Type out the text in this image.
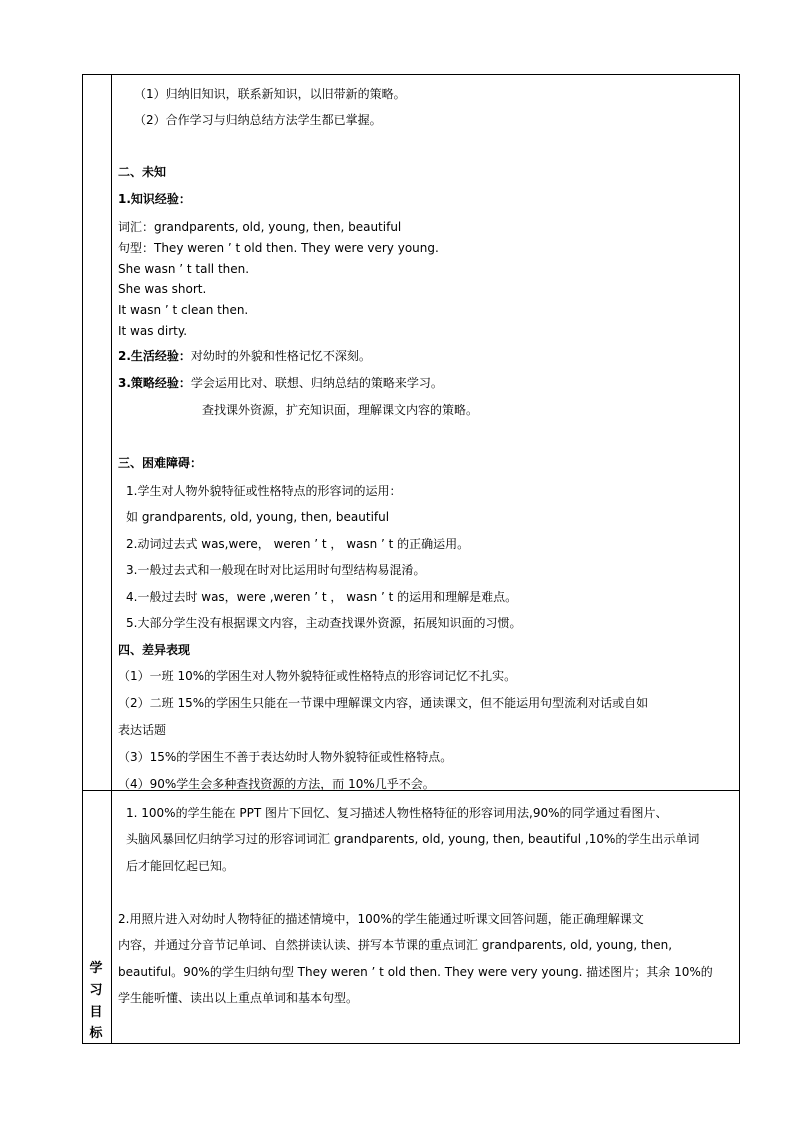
（1）归纳旧知识，联系新知识，以旧带新的策略。
（2）合作学习与归纳总结方法学生都已掌握。
二、未知
1.知识经验：
词汇：grandparents, old, young, then, beautiful
句型：They weren ’ t old then. They were very young.
She wasn ’ t tall then.
She was short.
It wasn ’ t clean then.
It was dirty.
2.生活经验：对幼时的外貌和性格记忆不深刻。
3.策略经验：学会运用比对、联想、归纳总结的策略来学习。
查找课外资源，扩充知识面，理解课文内容的策略。
三、困难障碍：
1.学生对人物外貌特征或性格特点的形容词的运用：
如 grandparents, old, young, then, beautiful
2.动词过去式 was,were， weren ’ t ， wasn ’ t 的正确运用。
3.一般过去式和一般现在时对比运用时句型结构易混淆。
4.一般过去时 was，were ,weren ’ t ， wasn ’ t 的运用和理解是难点。
5.大部分学生没有根据课文内容，主动查找课外资源，拓展知识面的习惯。
四、差异表现
（1）一班 10%的学困生对人物外貌特征或性格特点的形容词记忆不扎实。
（2）二班 15%的学困生只能在一节课中理解课文内容，通读课文，但不能运用句型流利对话或自如
表达话题
（3）15%的学困生不善于表达幼时人物外貌特征或性格特点。
（4）90%学生会多种查找资源的方法，而 10%几乎不会。
1. 100%的学生能在 PPT 图片下回忆、复习描述人物性格特征的形容词用法,90%的同学通过看图片、
头脑风暴回忆归纳学习过的形容词词汇 grandparents, old, young, then, beautiful ,10%的学生出示单词
后才能回忆起已知。
2.用照片进入对幼时人物特征的描述情境中，100%的学生能通过听课文回答问题，能正确理解课文
内容，并通过分音节记单词、自然拼读认读、拼写本节课的重点词汇 grandparents, old, young, then,
beautiful。90%的学生归纳句型 They weren ’ t old then. They were very young. 描述图片；其余 10%的
学生能听懂、读出以上重点单词和基本句型。
学
习
目
标
